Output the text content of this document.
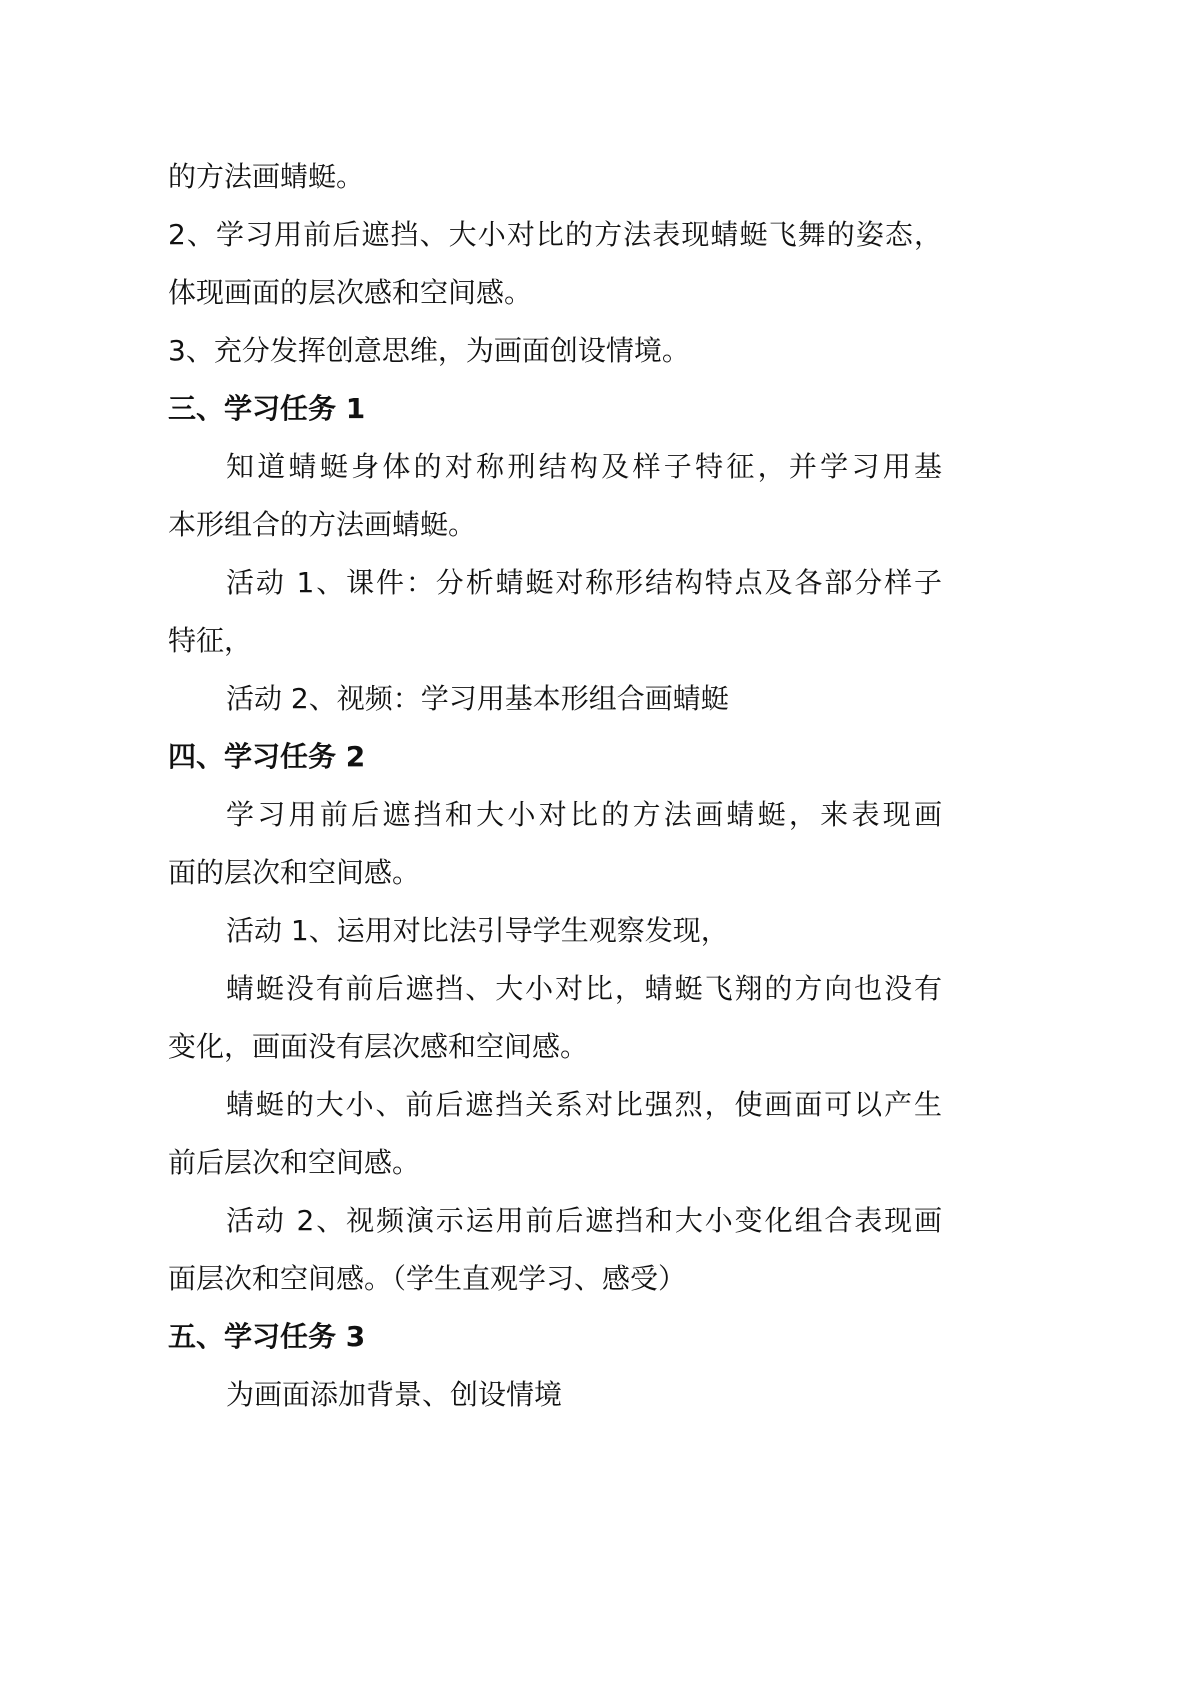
的方法画蜻蜓。
2、学习用前后遮挡、大小对比的方法表现蜻蜓飞舞的姿态，
体现画面的层次感和空间感。
3、充分发挥创意思维，为画面创设情境。
三、学习任务 1
知道蜻蜓身体的对称刑结构及样子特征，并学习用基
本形组合的方法画蜻蜓。
活动 1、课件：分析蜻蜓对称形结构特点及各部分样子
特征，
活动 2、视频：学习用基本形组合画蜻蜓
四、学习任务 2
学习用前后遮挡和大小对比的方法画蜻蜓，来表现画
面的层次和空间感。
活动 1、运用对比法引导学生观察发现，
蜻蜓没有前后遮挡、大小对比，蜻蜓飞翔的方向也没有
变化，画面没有层次感和空间感。
蜻蜓的大小、前后遮挡关系对比强烈，使画面可以产生
前后层次和空间感。
活动 2、视频演示运用前后遮挡和大小变化组合表现画
面层次和空间感。（学生直观学习、感受）
五、学习任务 3
为画面添加背景、创设情境
